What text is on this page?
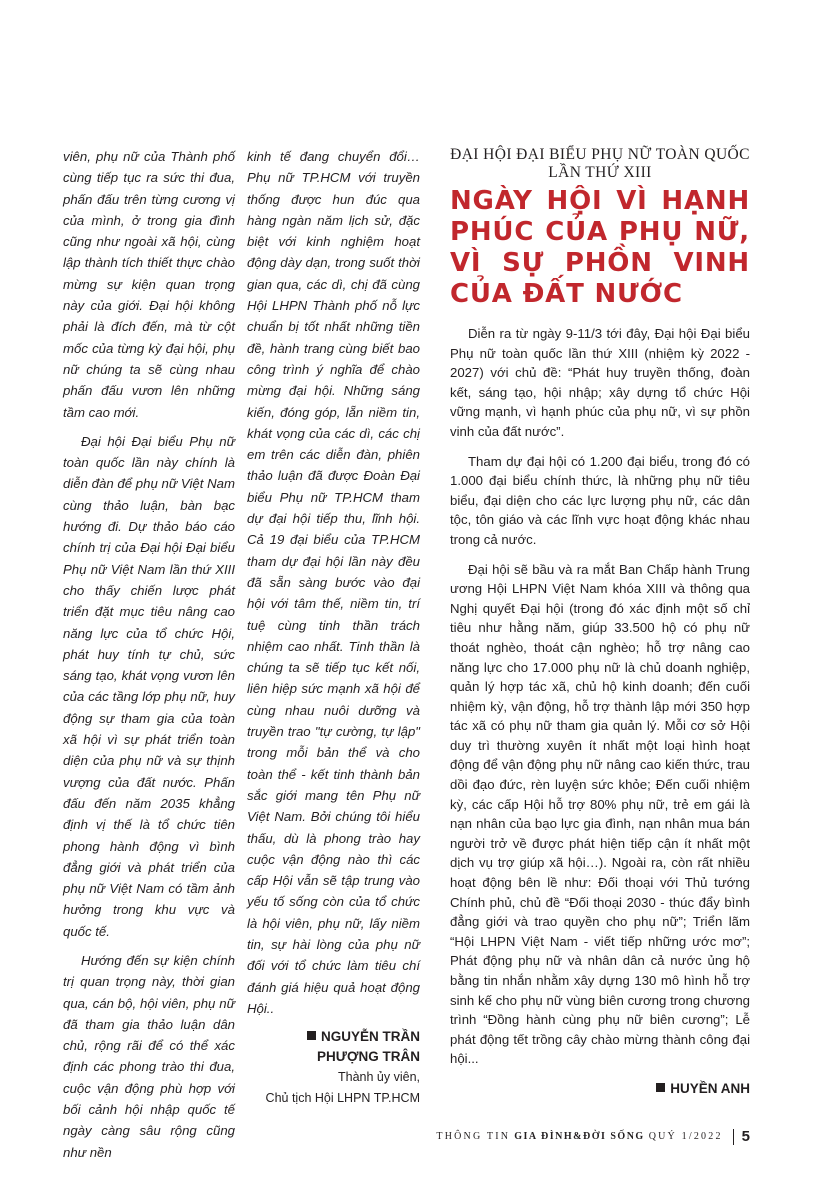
viên, phụ nữ của Thành phố cùng tiếp tục ra sức thi đua, phấn đấu trên từng cương vị của mình, ở trong gia đình cũng như ngoài xã hội, cùng lập thành tích thiết thực chào mừng sự kiện quan trọng này của giới. Đại hội không phải là đích đến, mà từ cột mốc của từng kỳ đại hội, phụ nữ chúng ta sẽ cùng nhau phấn đấu vươn lên những tầm cao mới.

Đại hội Đại biểu Phụ nữ toàn quốc lần này chính là diễn đàn để phụ nữ Việt Nam cùng thảo luận, bàn bạc hướng đi. Dự thảo báo cáo chính trị của Đại hội Đại biểu Phụ nữ Việt Nam lần thứ XIII cho thấy chiến lược phát triển đặt mục tiêu nâng cao năng lực của tổ chức Hội, phát huy tính tự chủ, sức sáng tạo, khát vọng vươn lên của các tầng lớp phụ nữ, huy động sự tham gia của toàn xã hội vì sự phát triển toàn diện của phụ nữ và sự thịnh vượng của đất nước. Phấn đấu đến năm 2035 khẳng định vị thế là tổ chức tiên phong hành động vì bình đẳng giới và phát triển của phụ nữ Việt Nam có tầm ảnh hưởng trong khu vực và quốc tế.

Hướng đến sự kiện chính trị quan trọng này, thời gian qua, cán bộ, hội viên, phụ nữ đã tham gia thảo luận dân chủ, rộng rãi để có thể xác định các phong trào thi đua, cuộc vận động phù hợp với bối cảnh hội nhập quốc tế ngày càng sâu rộng cũng như nền

kinh tế đang chuyển đổi… Phụ nữ TP.HCM với truyền thống được hun đúc qua hàng ngàn năm lịch sử, đặc biệt với kinh nghiệm hoạt động dày dạn, trong suốt thời gian qua, các dì, chị đã cùng Hội LHPN Thành phố nỗ lực chuẩn bị tốt nhất những tiền đề, hành trang cùng biết bao công trình ý nghĩa để chào mừng đại hội. Những sáng kiến, đóng góp, lẵn niềm tin, khát vọng của các dì, các chị em trên các diễn đàn, phiên thảo luận đã được Đoàn Đại biểu Phụ nữ TP.HCM tham dự đại hội tiếp thu, lĩnh hội. Cả 19 đại biểu của TP.HCM tham dự đại hội lần này đều đã sẵn sàng bước vào đại hội với tâm thế, niềm tin, trí tuệ cùng tinh thần trách nhiệm cao nhất. Tinh thần là chúng ta sẽ tiếp tục kết nối, liên hiệp sức mạnh xã hội để cùng nhau nuôi dưỡng và truyền trao "tự cường, tự lập" trong mỗi bản thể và cho toàn thể - kết tinh thành bản sắc giới mang tên Phụ nữ Việt Nam. Bởi chúng tôi hiểu thấu, dù là phong trào hay cuộc vận động nào thì các cấp Hội vẫn sẽ tập trung vào yếu tố sống còn của tổ chức là hội viên, phụ nữ, lấy niềm tin, sự hài lòng của phụ nữ đối với tổ chức làm tiêu chí đánh giá hiệu quả hoạt động Hội..

NGUYỄN TRẦN PHƯỢNG TRÂN
Thành ủy viên,
Chủ tịch Hội LHPN TP.HCM
ĐẠI HỘI ĐẠI BIỂU PHỤ NỮ TOÀN QUỐC LẦN THỨ XIII
NGÀY HỘI VÌ HẠNH PHÚC CỦA PHỤ NỮ, VÌ SỰ PHỒN VINH CỦA ĐẤT NƯỚC

Diễn ra từ ngày 9-11/3 tới đây, Đại hội Đại biểu Phụ nữ toàn quốc lần thứ XIII (nhiệm kỳ 2022 - 2027) với chủ đề: “Phát huy truyền thống, đoàn kết, sáng tạo, hội nhập; xây dựng tổ chức Hội vững mạnh, vì hạnh phúc của phụ nữ, vì sự phồn vinh của đất nước”.

Tham dự đại hội có 1.200 đại biểu, trong đó có 1.000 đại biểu chính thức, là những phụ nữ tiêu biểu, đại diện cho các lực lượng phụ nữ, các dân tộc, tôn giáo và các lĩnh vực hoạt động khác nhau trong cả nước.

Đại hội sẽ bầu và ra mắt Ban Chấp hành Trung ương Hội LHPN Việt Nam khóa XIII và thông qua Nghị quyết Đại hội (trong đó xác định một số chỉ tiêu như hằng năm, giúp 33.500 hộ có phụ nữ thoát nghèo, thoát cận nghèo; hỗ trợ nâng cao năng lực cho 17.000 phụ nữ là chủ doanh nghiệp, quản lý hợp tác xã, chủ hộ kinh doanh; đến cuối nhiệm kỳ, vận động, hỗ trợ thành lập mới 350 hợp tác xã có phụ nữ tham gia quản lý. Mỗi cơ sở Hội duy trì thường xuyên ít nhất một loại hình hoạt động để vận động phụ nữ nâng cao kiến thức, trau dồi đạo đức, rèn luyện sức khỏe; Đến cuối nhiệm kỳ, các cấp Hội hỗ trợ 80% phụ nữ, trẻ em gái là nạn nhân của bạo lực gia đình, nạn nhân mua bán người trở về được phát hiện tiếp cận ít nhất một dịch vụ trợ giúp xã hội…). Ngoài ra, còn rất nhiều hoạt động bên lề như: Đối thoại với Thủ tướng Chính phủ, chủ đề “Đối thoại 2030 - thúc đẩy bình đẳng giới và trao quyền cho phụ nữ”; Triển lãm “Hội LHPN Việt Nam - viết tiếp những ước mơ”; Phát động phụ nữ và nhân dân cả nước ủng hộ bằng tin nhắn nhằm xây dựng 130 mô hình hỗ trợ sinh kế cho phụ nữ vùng biên cương trong chương trình “Đồng hành cùng phụ nữ biên cương”; Lễ phát động tết trồng cây chào mừng thành công đại hội...

HUYỀN ANH
THÔNG TIN GIA ĐÌNH&ĐỜI SỐNG QUÝ 1/2022 5
